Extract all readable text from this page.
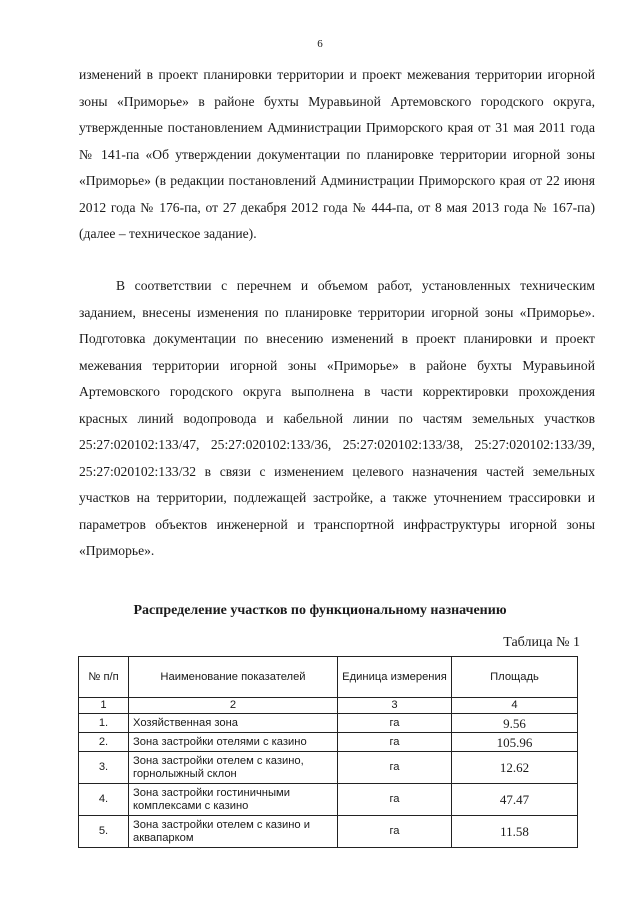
6

изменений в проект планировки территории и проект межевания территории игорной зоны «Приморье» в районе бухты Муравьиной Артемовского городского округа, утвержденные постановлением Администрации Приморского края от 31 мая 2011 года № 141-па «Об утверждении документации по планировке территории игорной зоны «Приморье» (в редакции постановлений Администрации Приморского края от 22 июня 2012 года № 176-па, от 27 декабря 2012 года № 444-па, от 8 мая 2013 года № 167-па) (далее – техническое задание).

В соответствии с перечнем и объемом работ, установленных техническим заданием, внесены изменения по планировке территории игорной зоны «Приморье». Подготовка документации по внесению изменений в проект планировки и проект межевания территории игорной зоны «Приморье» в районе бухты Муравьиной Артемовского городского округа выполнена в части корректировки прохождения красных линий водопровода и кабельной линии по частям земельных участков 25:27:020102:133/47, 25:27:020102:133/36, 25:27:020102:133/38, 25:27:020102:133/39, 25:27:020102:133/32 в связи с изменением целевого назначения частей земельных участков на территории, подлежащей застройке, а также уточнением трассировки и параметров объектов инженерной и транспортной инфраструктуры игорной зоны «Приморье».

Распределение участков по функциональному назначению
Таблица № 1
№ п/п	Наименование показателей	Единица измерения	Площадь
1	2	3	4
1.	Хозяйственная зона	га	9.56
2.	Зона застройки отелями с казино	га	105.96
3.	Зона застройки отелем с казино, горнолыжный склон	га	12.62
4.	Зона застройки гостиничными комплексами с казино	га	47.47
5.	Зона застройки отелем с казино и аквапарком	га	11.58
